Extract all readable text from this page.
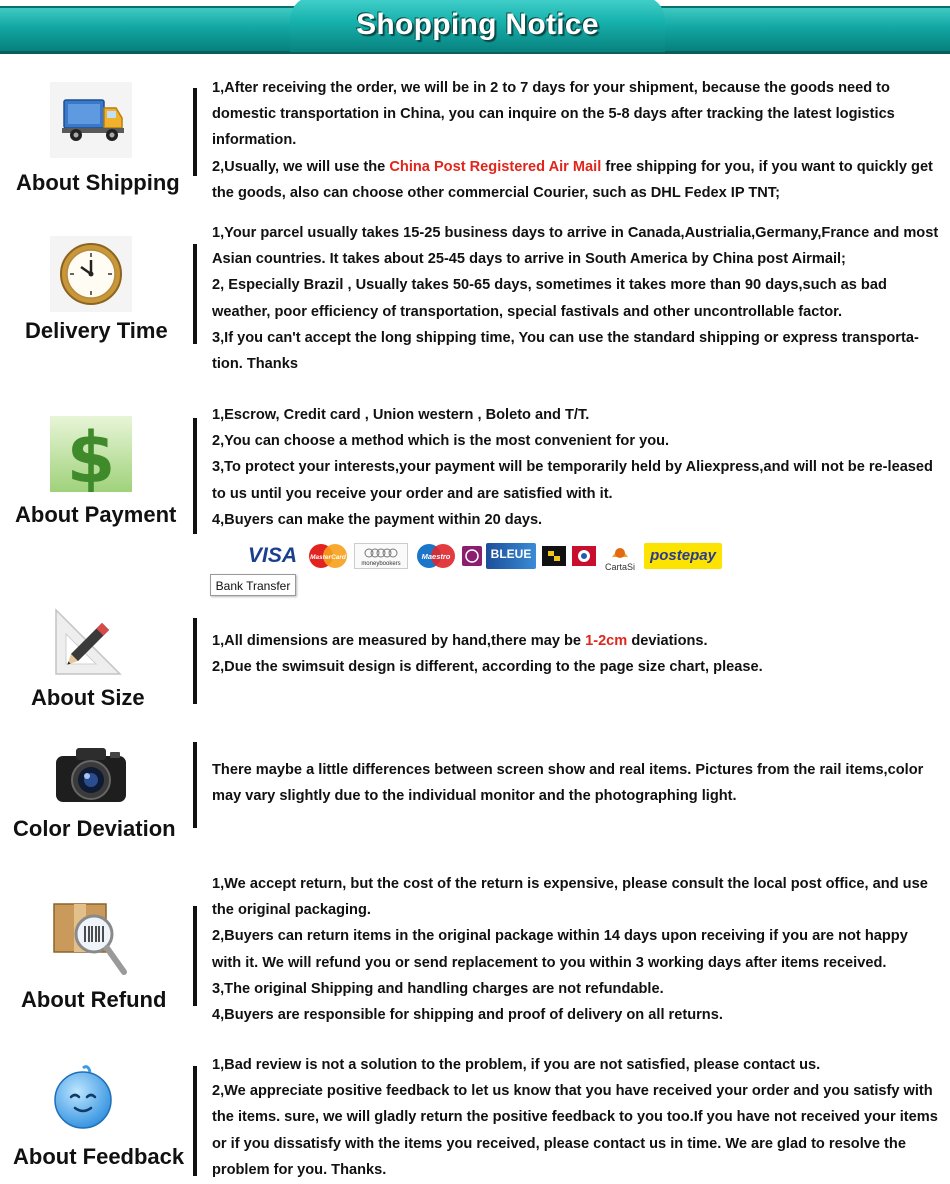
Shopping Notice
About Shipping

1,After receiving the order, we will be in 2 to 7 days for your shipment, because the goods need to domestic transportation in China, you can inquire on the 5-8 days after tracking the latest logistics information.

2,Usually, we will use the China Post Registered Air Mail free shipping for you, if you want to quickly get the goods, also can choose other commercial Courier, such as DHL Fedex IP TNT;

Delivery Time

1,Your parcel usually takes 15-25 business days to arrive in Canada,Austrialia,Germany,France and most Asian countries. It takes about 25-45 days to arrive in South America by China post Airmail;

2, Especially Brazil , Usually takes 50-65 days, sometimes it takes more than 90 days,such as bad weather, poor efficiency of transportation, special fastivals and other uncontrollable factor.

3,If you can't accept the long shipping time, You can use the standard shipping or express transporta-tion. Thanks

$
About Payment

1,Escrow, Credit card , Union western , Boleto and T/T.

2,You can choose a method which is the most convenient for you.

3,To protect your interests,your payment will be temporarily held by Aliexpress,and will not be re-leased to us until you receive your order and are satisfied with it.

4,Buyers can make the payment within 20 days.

VISA	MasterCard
moneybookers
Maestro	BLEUE
CartaSi
postepay
Bank Transfer
About Size

1,All dimensions are measured by hand,there may be 1-2cm deviations.

2,Due the swimsuit design is different, according to the page size chart, please.

Color Deviation

There maybe a little differences between screen show and real items. Pictures from the rail items,color may vary slightly due to the individual monitor and the photographing light.

About Refund

1,We accept return, but the cost of the return is expensive, please consult the local post office, and use the original packaging.

2,Buyers can return items in the original package within 14 days upon receiving if you are not happy with it. We will refund you or send replacement to you within 3 working days after items received.

3,The original Shipping and handling charges are not refundable.

4,Buyers are responsible for shipping and proof of delivery on all returns.

About Feedback

1,Bad review is not a solution to the problem, if you are not satisfied, please contact us.

2,We appreciate positive feedback to let us know that you have received your order and you satisfy with the items. sure, we will gladly return the positive feedback to you too.If you have not received your items or if you dissatisfy with the items you received, please contact us in time. We are glad to resolve the problem for you. Thanks.
